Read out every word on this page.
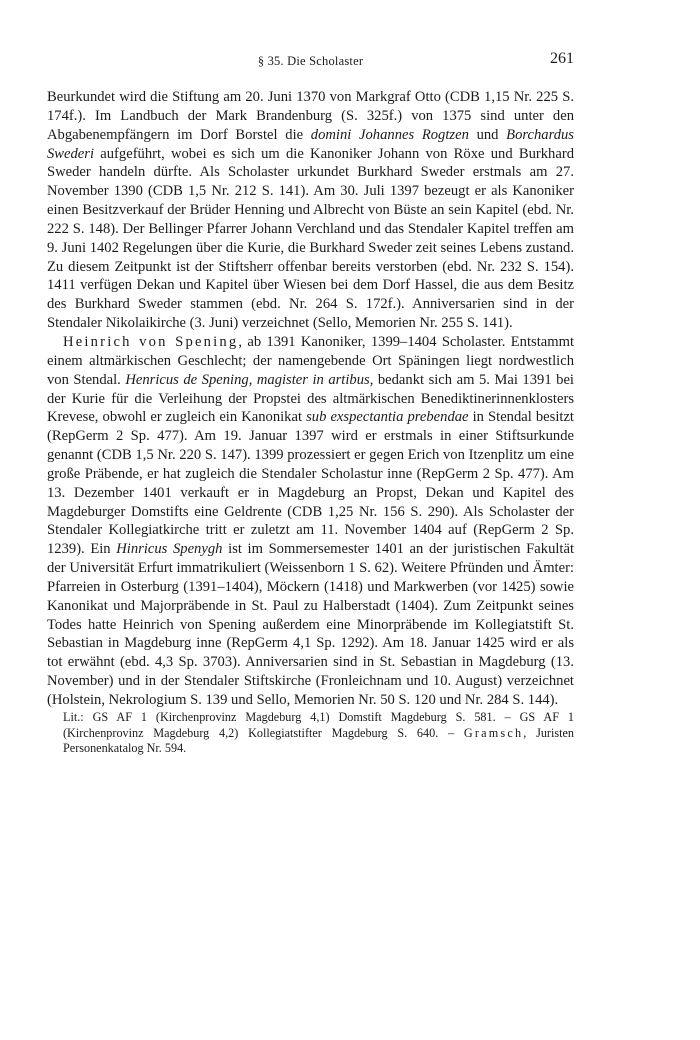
§ 35. Die Scholaster	261

Beurkundet wird die Stiftung am 20. Juni 1370 von Markgraf Otto (CDB 1,15 Nr. 225 S. 174f.). Im Landbuch der Mark Brandenburg (S. 325f.) von 1375 sind unter den Abgabenempfängern im Dorf Borstel die domini Johannes Rogtzen und Borchardus Swederi aufgeführt, wobei es sich um die Kanoniker Johann von Röxe und Burkhard Sweder handeln dürfte. Als Scholaster urkundet Burkhard Sweder erstmals am 27. November 1390 (CDB 1,5 Nr. 212 S. 141). Am 30. Juli 1397 bezeugt er als Kanoniker einen Besitzverkauf der Brüder Henning und Albrecht von Büste an sein Kapitel (ebd. Nr. 222 S. 148). Der Bellinger Pfarrer Johann Verchland und das Stendaler Kapitel treffen am 9. Juni 1402 Regelungen über die Kurie, die Burkhard Sweder zeit seines Lebens zustand. Zu diesem Zeitpunkt ist der Stiftsherr offenbar bereits verstorben (ebd. Nr. 232 S. 154). 1411 verfügen Dekan und Kapitel über Wiesen bei dem Dorf Hassel, die aus dem Besitz des Burkhard Sweder stammen (ebd. Nr. 264 S. 172f.). Anniversarien sind in der Stendaler Nikolaikirche (3. Juni) verzeichnet (Sello, Memorien Nr. 255 S. 141).

Heinrich von Spening, ab 1391 Kanoniker, 1399–1404 Scholaster. Entstammt einem altmärkischen Geschlecht; der namengebende Ort Späningen liegt nordwestlich von Stendal. Henricus de Spening, magister in artibus, bedankt sich am 5. Mai 1391 bei der Kurie für die Verleihung der Propstei des altmärkischen Benediktinerinnenklosters Krevese, obwohl er zugleich ein Kanonikat sub exspectantia prebendae in Stendal besitzt (RepGerm 2 Sp. 477). Am 19. Januar 1397 wird er erstmals in einer Stiftsurkunde genannt (CDB 1,5 Nr. 220 S. 147). 1399 prozessiert er gegen Erich von Itzenplitz um eine große Präbende, er hat zugleich die Stendaler Scholastur inne (RepGerm 2 Sp. 477). Am 13. Dezember 1401 verkauft er in Magdeburg an Propst, Dekan und Kapitel des Magdeburger Domstifts eine Geldrente (CDB 1,25 Nr. 156 S. 290). Als Scholaster der Stendaler Kollegiatkirche tritt er zuletzt am 11. November 1404 auf (RepGerm 2 Sp. 1239). Ein Hinricus Spenygh ist im Sommersemester 1401 an der juristischen Fakultät der Universität Erfurt immatrikuliert (Weissenborn 1 S. 62). Weitere Pfründen und Ämter: Pfarreien in Osterburg (1391–1404), Möckern (1418) und Markwerben (vor 1425) sowie Kanonikat und Majorpräbende in St. Paul zu Halberstadt (1404). Zum Zeitpunkt seines Todes hatte Heinrich von Spening außerdem eine Minorpräbende im Kollegiatstift St. Sebastian in Magdeburg inne (RepGerm 4,1 Sp. 1292). Am 18. Januar 1425 wird er als tot erwähnt (ebd. 4,3 Sp. 3703). Anniversarien sind in St. Sebastian in Magdeburg (13. November) und in der Stendaler Stiftskirche (Fronleichnam und 10. August) verzeichnet (Holstein, Nekrologium S. 139 und Sello, Memorien Nr. 50 S. 120 und Nr. 284 S. 144).

Lit.: GS AF 1 (Kirchenprovinz Magdeburg 4,1) Domstift Magdeburg S. 581. – GS AF 1 (Kirchenprovinz Magdeburg 4,2) Kollegiatstifter Magdeburg S. 640. – Gramsch, Juristen Personenkatalog Nr. 594.
